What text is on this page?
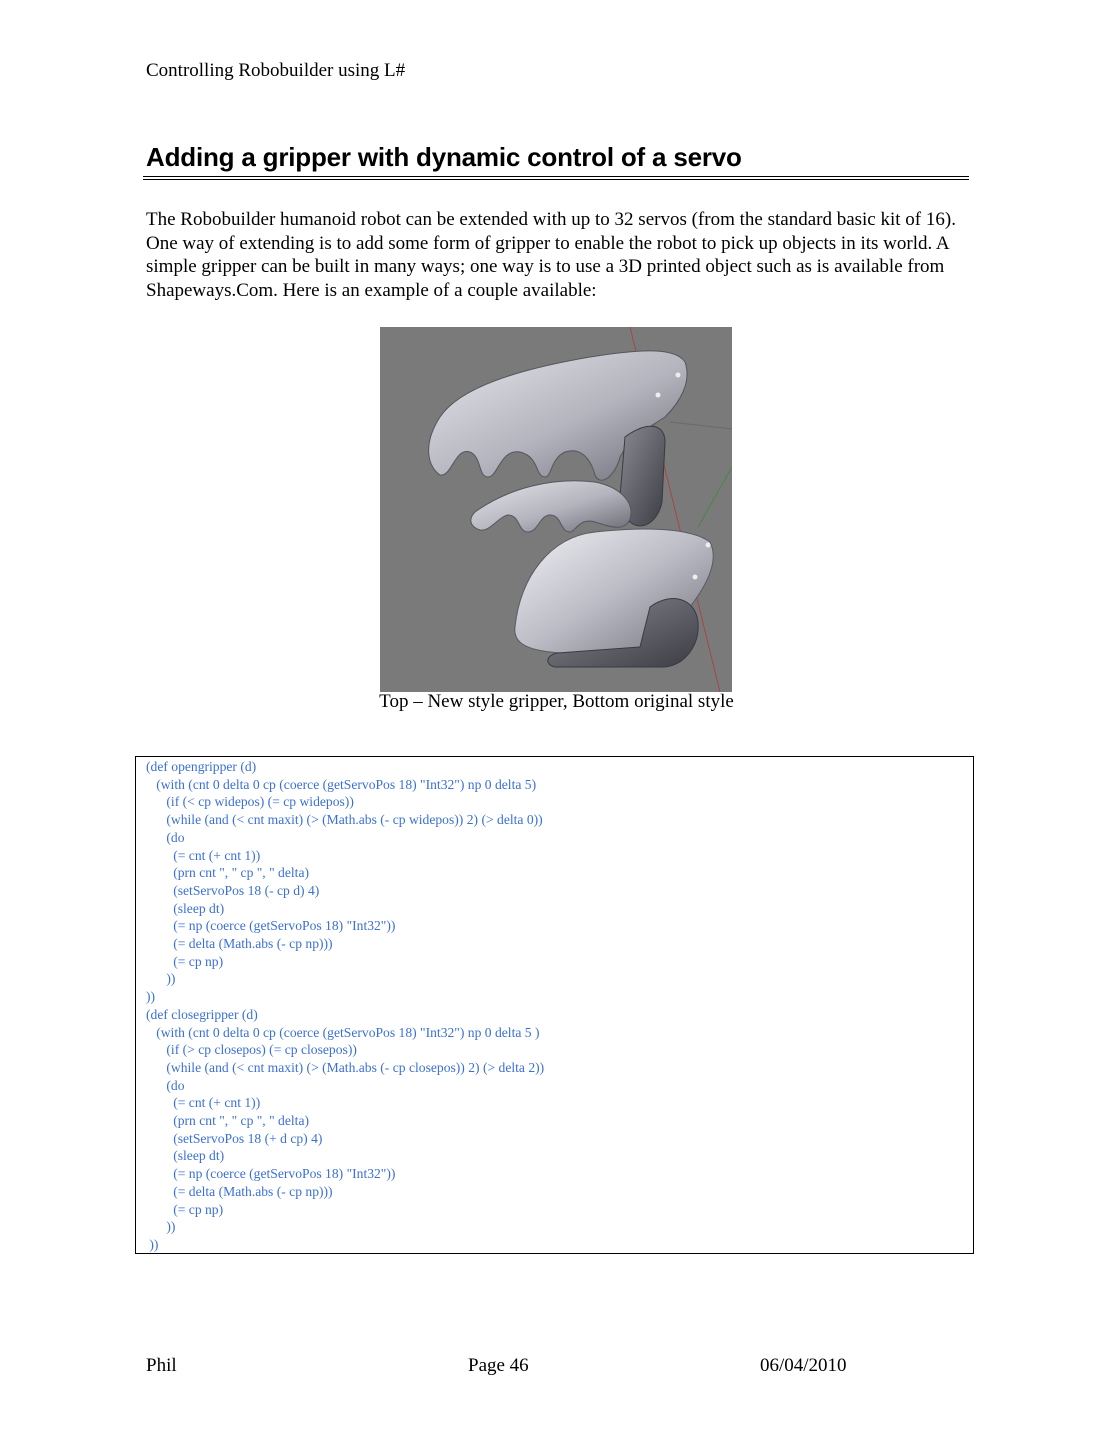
Controlling Robobuilder using L#
Adding a gripper with dynamic control of a servo

The Robobuilder humanoid robot can be extended with up to 32 servos (from the standard basic kit of 16). One way of extending is to add some form of gripper to enable the robot to pick up objects in its world. A simple gripper can be built in many ways; one way is to use a 3D printed object such as is available from Shapeways.Com. Here is an example of a couple available:

Top – New style gripper, Bottom original style
(def opengripper (d)
(with (cnt 0 delta 0 cp (coerce (getServoPos 18) "Int32") np 0 delta 5)
(if (< cp widepos) (= cp widepos))
(while (and (< cnt maxit) (> (Math.abs (- cp widepos)) 2) (> delta 0))
(do
(= cnt (+ cnt 1))
(prn cnt ", " cp ", " delta)
(setServoPos 18 (- cp d) 4)
(sleep dt)
(= np (coerce (getServoPos 18) "Int32"))
(= delta (Math.abs (- cp np)))
(= cp np)
))
))
(def closegripper (d)
(with (cnt 0 delta 0 cp (coerce (getServoPos 18) "Int32") np 0 delta 5 )
(if (> cp closepos) (= cp closepos))
(while (and (< cnt maxit) (> (Math.abs (- cp closepos)) 2) (> delta 2))
(do
(= cnt (+ cnt 1))
(prn cnt ", " cp ", " delta)
(setServoPos 18 (+ d cp) 4)
(sleep dt)
(= np (coerce (getServoPos 18) "Int32"))
(= delta (Math.abs (- cp np)))
(= cp np)
))
))
Phil	Page 46	06/04/2010
